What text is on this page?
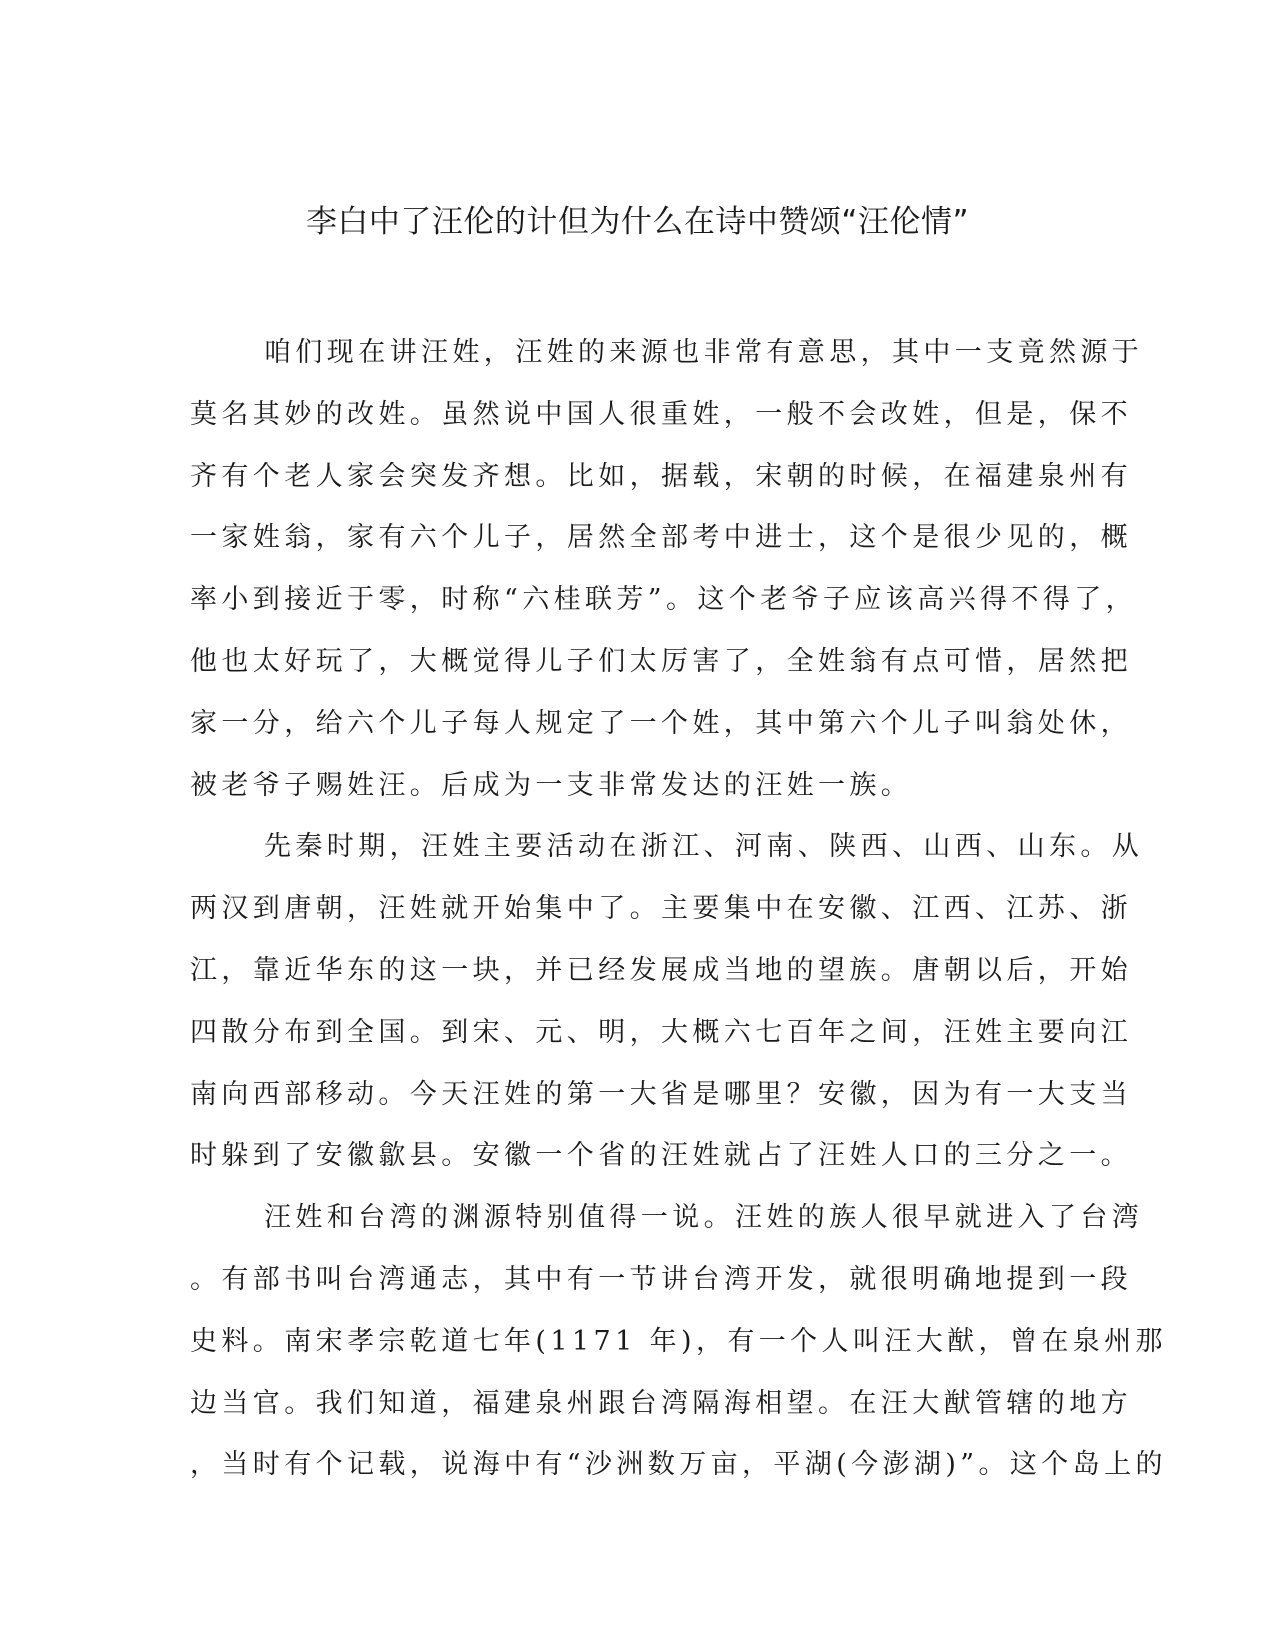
李白中了汪伦的计但为什么在诗中赞颂“汪伦情”
咱们现在讲汪姓，汪姓的来源也非常有意思，其中一支竟然源于
莫名其妙的改姓。虽然说中国人很重姓，一般不会改姓，但是，保不
齐有个老人家会突发齐想。比如，据载，宋朝的时候，在福建泉州有
一家姓翁，家有六个儿子，居然全部考中进士，这个是很少见的，概
率小到接近于零，时称“六桂联芳”。这个老爷子应该高兴得不得了，
他也太好玩了，大概觉得儿子们太厉害了，全姓翁有点可惜，居然把
家一分，给六个儿子每人规定了一个姓，其中第六个儿子叫翁处休，
被老爷子赐姓汪。后成为一支非常发达的汪姓一族。
先秦时期，汪姓主要活动在浙江、河南、陕西、山西、山东。从
两汉到唐朝，汪姓就开始集中了。主要集中在安徽、江西、江苏、浙
江，靠近华东的这一块，并已经发展成当地的望族。唐朝以后，开始
四散分布到全国。到宋、元、明，大概六七百年之间，汪姓主要向江
南向西部移动。今天汪姓的第一大省是哪里？安徽，因为有一大支当
时躲到了安徽歙县。安徽一个省的汪姓就占了汪姓人口的三分之一。
汪姓和台湾的渊源特别值得一说。汪姓的族人很早就进入了台湾
。有部书叫台湾通志，其中有一节讲台湾开发，就很明确地提到一段
史料。南宋孝宗乾道七年(1171 年)，有一个人叫汪大猷，曾在泉州那
边当官。我们知道，福建泉州跟台湾隔海相望。在汪大猷管辖的地方
，当时有个记载，说海中有“沙洲数万亩，平湖(今澎湖)”。这个岛上的
